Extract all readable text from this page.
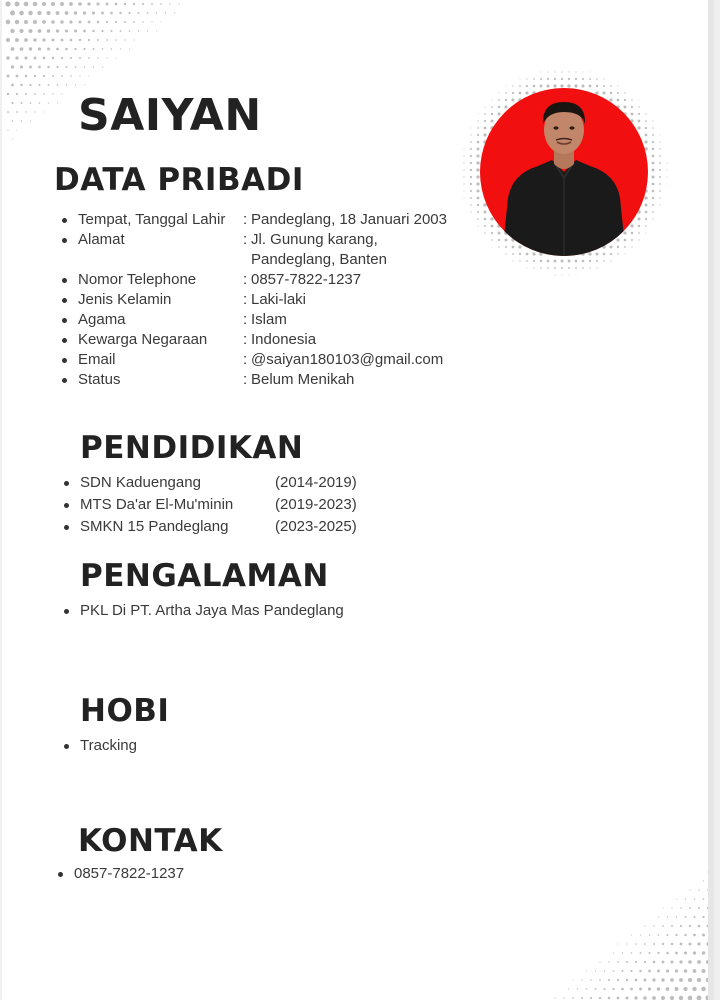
SAIYAN
DATA PRIBADI
Tempat, Tanggal Lahir : Pandeglang, 18 Januari 2003
Alamat	: Jl. Gunung karang,
Pandeglang, Banten
Nomor Telephone	: 0857-7822-1237
Jenis Kelamin	: Laki-laki
Agama	: Islam
Kewarga Negaraan : Indonesia
Email	: @saiyan180103@gmail.com
Status	: Belum Menikah
PENDIDIKAN
SDN Kaduengang	(2014-2019)
MTS Da'ar El-Mu'minin	(2019-2023)
SMKN 15 Pandeglang	(2023-2025)
PENGALAMAN
PKL Di PT. Artha Jaya Mas Pandeglang
HOBI
Tracking
KONTAK
0857-7822-1237
